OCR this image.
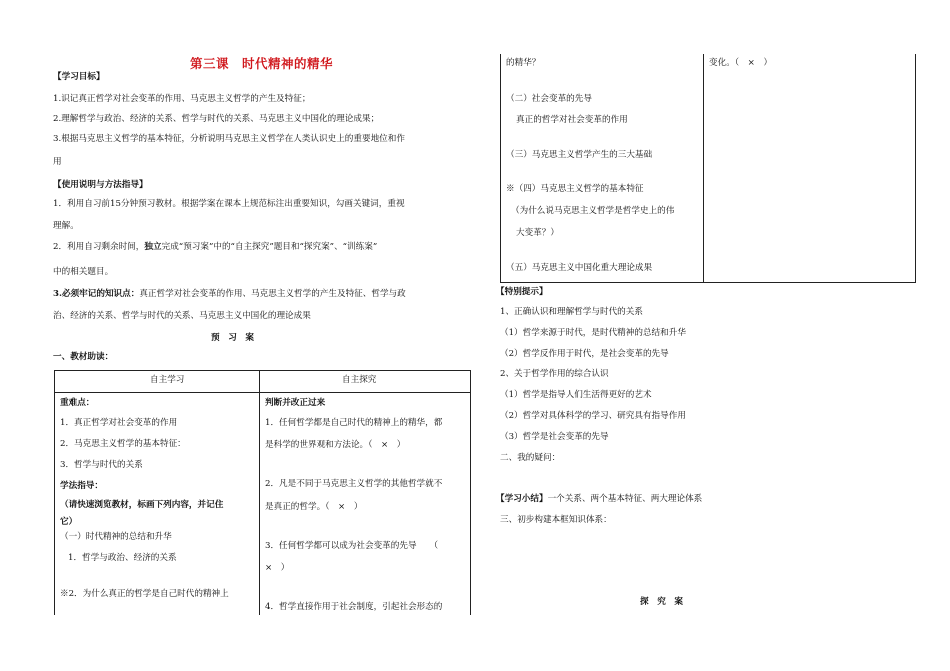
第三课　时代精神的精华
【学习目标】
1.识记真正哲学对社会变革的作用、马克思主义哲学的产生及特征；
2.理解哲学与政治、经济的关系、哲学与时代的关系、马克思主义中国化的理论成果；
3.根据马克思主义哲学的基本特征，分析说明马克思主义哲学在人类认识史上的重要地位和作
用
【使用说明与方法指导】
1．利用自习前15分钟预习教材。根据学案在课本上规范标注出重要知识，勾画关键词，重视
理解。
2．利用自习剩余时间，独立完成“预习案”中的“自主探究”题目和“探究案”、“训练案”
中的相关题目。
3.必须牢记的知识点：真正哲学对社会变革的作用、马克思主义哲学的产生及特征、哲学与政
治、经济的关系、哲学与时代的关系、马克思主义中国化的理论成果
预　习　案
一、教材助读：
自主学习	自主探究
重难点：
1．真正哲学对社会变革的作用
2．马克思主义哲学的基本特征：
3．哲学与时代的关系
学法指导：
（请快速浏览教材，标画下列内容，并记住
它）
（一）时代精神的总结和升华
1．哲学与政治、经济的关系
※2．为什么真正的哲学是自己时代的精神上
判断并改正过来
1．任何哲学都是自己时代的精神上的精华，都
是科学的世界观和方法论。（　×　）
2．凡是不同于马克思主义哲学的其他哲学就不
是真正的哲学。（　×　）
3．任何哲学都可以成为社会变革的先导　　（
×　）
4．哲学直接作用于社会制度，引起社会形态的
的精华？
（二）社会变革的先导
真正的哲学对社会变革的作用
（三）马克思主义哲学产生的三大基础
※（四）马克思主义哲学的基本特征
（为什么说马克思主义哲学是哲学史上的伟
大变革？）
（五）马克思主义中国化重大理论成果
变化。（　×　）
【特别提示】
1、正确认识和理解哲学与时代的关系
（1）哲学来源于时代，是时代精神的总结和升华
（2）哲学反作用于时代，是社会变革的先导
2、关于哲学作用的综合认识
（1）哲学是指导人们生活得更好的艺术
（2）哲学对具体科学的学习、研究具有指导作用
（3）哲学是社会变革的先导
二、我的疑问：
【学习小结】一个关系、两个基本特征、两大理论体系
三、初步构建本框知识体系：
探　究　案
